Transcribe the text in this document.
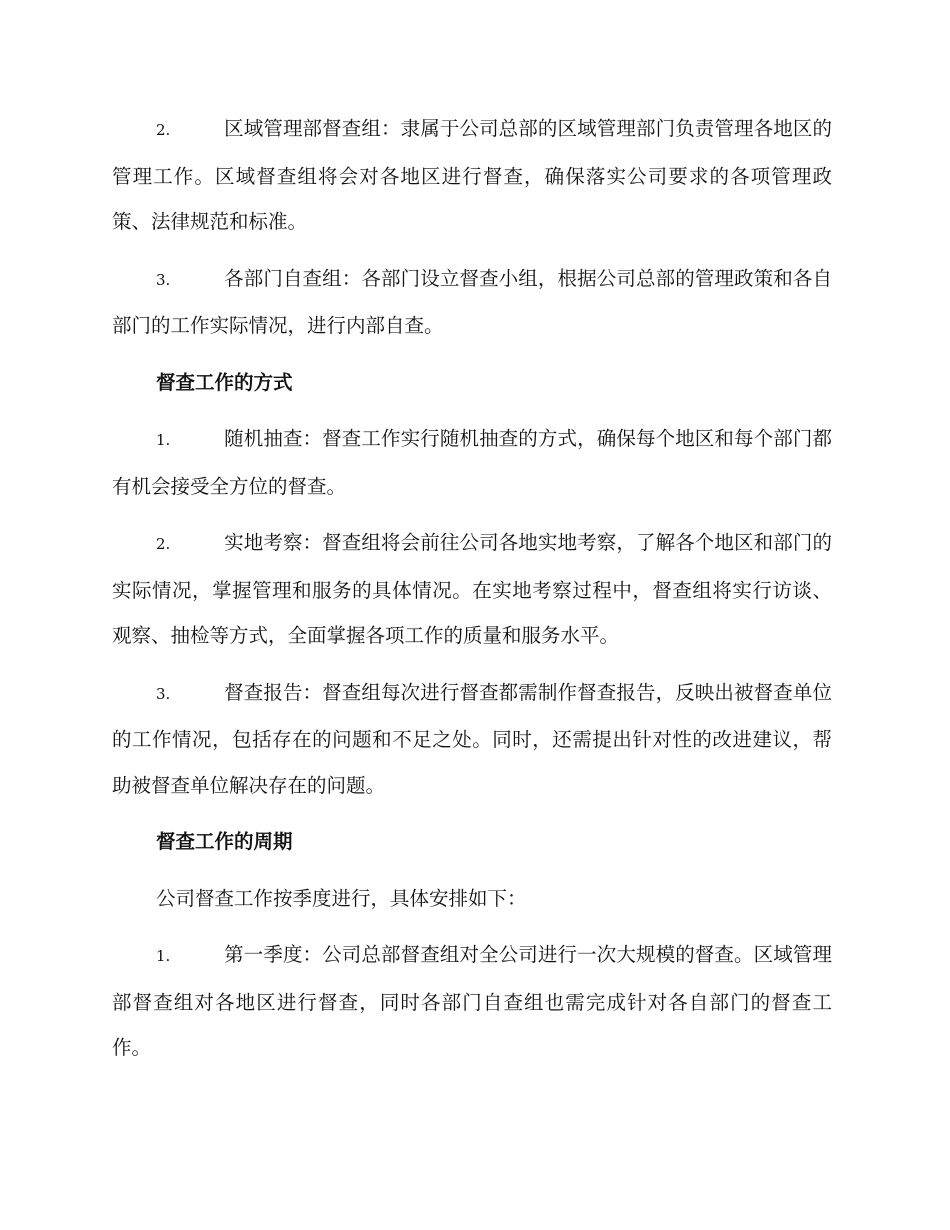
2.	区域管理部督查组：隶属于公司总部的区域管理部门负责管理各地区的管理工作。区域督查组将会对各地区进行督查，确保落实公司要求的各项管理政策、法律规范和标准。

3.	各部门自查组：各部门设立督查小组，根据公司总部的管理政策和各自部门的工作实际情况，进行内部自查。

督查工作的方式

1.	随机抽查：督查工作实行随机抽查的方式，确保每个地区和每个部门都有机会接受全方位的督查。

2.	实地考察：督查组将会前往公司各地实地考察，了解各个地区和部门的实际情况，掌握管理和服务的具体情况。在实地考察过程中，督查组将实行访谈、观察、抽检等方式，全面掌握各项工作的质量和服务水平。

3.	督查报告：督查组每次进行督查都需制作督查报告，反映出被督查单位的工作情况，包括存在的问题和不足之处。同时，还需提出针对性的改进建议，帮助被督查单位解决存在的问题。

督查工作的周期

公司督查工作按季度进行，具体安排如下：

1.	第一季度：公司总部督查组对全公司进行一次大规模的督查。区域管理部督查组对各地区进行督查，同时各部门自查组也需完成针对各自部门的督查工作。
